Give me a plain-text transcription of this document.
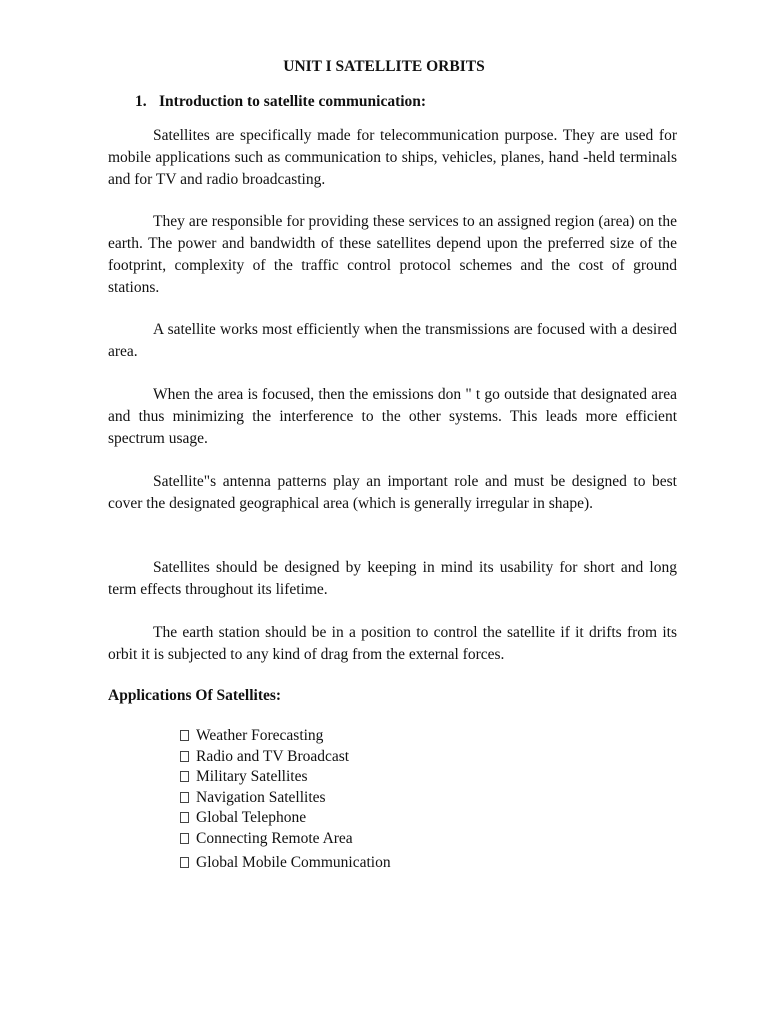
UNIT I SATELLITE ORBITS
1. Introduction to satellite communication:

Satellites are specifically made for telecommunication purpose. They are used for mobile applications such as communication to ships, vehicles, planes, hand -held terminals and for TV and radio broadcasting.

They are responsible for providing these services to an assigned region (area) on the earth. The power and bandwidth of these satellites depend upon the preferred size of the footprint, complexity of the traffic control protocol schemes and the cost of ground stations.

A satellite works most efficiently when the transmissions are focused with a desired area.

When the area is focused, then the emissions don " t go outside that designated area and thus minimizing the interference to the other systems. This leads more efficient spectrum usage.

Satellite"s antenna patterns play an important role and must be designed to best cover the designated geographical area (which is generally irregular in shape).

Satellites should be designed by keeping in mind its usability for short and long term effects throughout its lifetime.

The earth station should be in a position to control the satellite if it drifts from its orbit it is subjected to any kind of drag from the external forces.

Applications Of Satellites:
Weather Forecasting
Radio and TV Broadcast
Military Satellites
Navigation Satellites
Global Telephone
Connecting Remote Area
Global Mobile Communication
